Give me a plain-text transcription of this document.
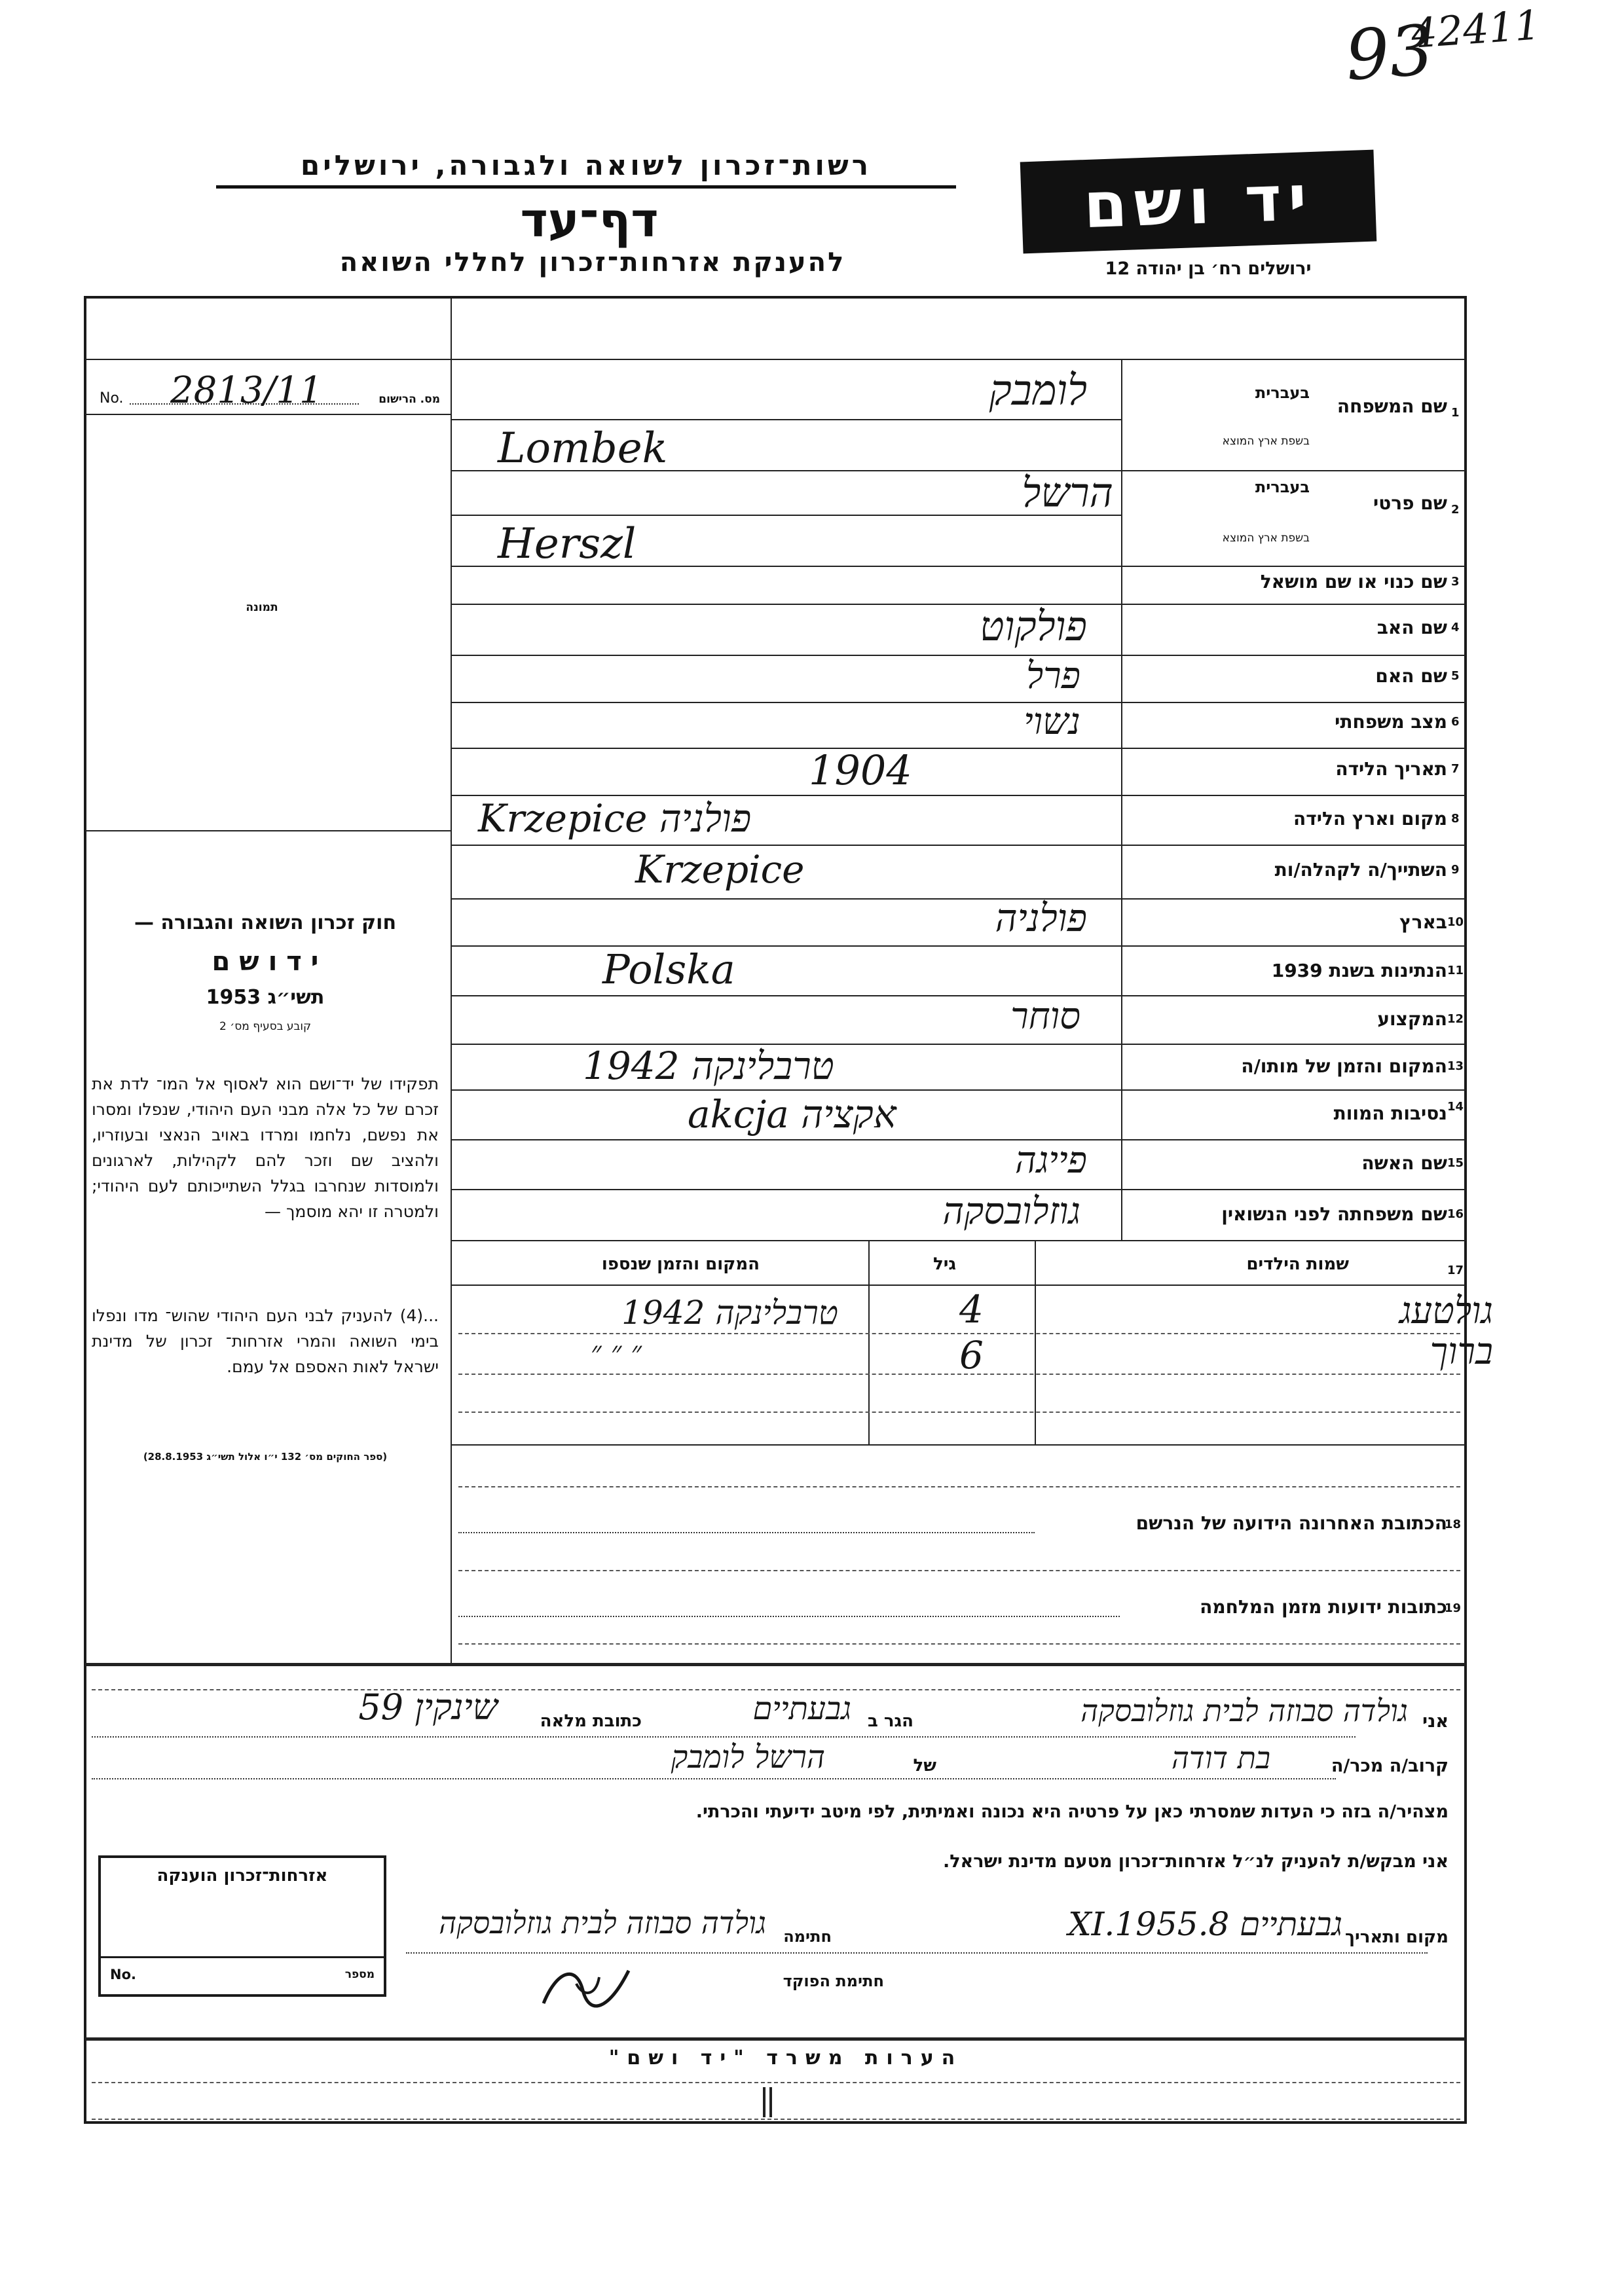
93
42411
רשות־זכרון לשואה ולגבורה, ירושלים
דף־עד
להענקת אזרחות־זכרון לחללי השואה
יד ושם
ירושלים רח׳ בן יהודה 12
No. 2813/11	מס. הרישום
תמונה
חוק זכרון השואה והגבורה —
י ד ו ש ם
תשי״ג 1953
קובע בסעיף מס׳ 2
תפקידו של יד־ושם הוא לאסוף אל המו־ לדת את זכרם של כל אלה מבני העם היהודי, שנפלו ומסרו את נפשם, נלחמו ומרדו באויב הנאצי ובעוזריו, ולהציב שם וזכר להם לקהילות, לארגונים ולמוסדות שנחרבו בגלל השתייכותם לעם היהודי; ולמטרה זו יהא מוסמך —
...(4) להעניק לבני העם היהודי שהוש־ מדו ונפלו בימי השואה והמרי אזרחות־ זכרון של מדינת ישראל לאות האספם אל עמם.
(ספר החוקים מס׳ 132 י״ו אלול תשי״ג 28.8.1953)
שם המשפחה 1
בעברית
בשפת ארץ המוצא
לומבק
Lombek
שם פרטי 2
בעברית
בשפת ארץ המוצא
הרשל
Herszl
שם כנוי או שם מושאל 3
שם האב 4
פולקוט
שם האם 5
פרל
מצב משפחתי 6
נשוי
תאריך הלידה 7
1904
מקום וארץ הלידה 8
Krzepice פולניה
השתייך/ה לקהלה/ות 9
Krzepice
בארץ 10
פולניה
הנתינות בשנת 1939 11
Polska
המקצוע 12
סוחר
המקום והזמן של מותו/ה 13
1942 טרבלינקה
נסיבות המוות 14
akcja אקציה
שם האשה 15
פייגה
שם משפחתה לפני הנשואין 16
גוזלובסקה
17
שמות הילדים
גיל
המקום והזמן שנספו
גולטעג
4
טרבלינקה 1942
ברוך
6
״ ״ ״
הכתובת האחרונה הידועה של הנרשם
18
כתובות ידועות מזמן המלחמה
19
אני
גולדה סבוזה לבית גוזלובסקה
הגר ב
גבעתיים
כתובת מלאה
שינקין 59
קרוב/ה מכר/ה
בת דודה
של
הרשל לומבק
מצהיר/ה בזה כי העדות שמסרתי כאן על פרטיה היא נכונה ואמיתית, לפי מיטב ידיעתי והכרתי.
אני מבקש/ת להעניק לנ״ל אזרחות־זכרון מטעם מדינת ישראל.
מקום ותאריך
גבעתיים 8.XI.1955
חתימה
גולדה סבוזה לבית גוזלובסקה
חתימת הפוקד
אזרחות־זכרון הוענקה
No.	מספר
הערות משרד "יד ושם"
